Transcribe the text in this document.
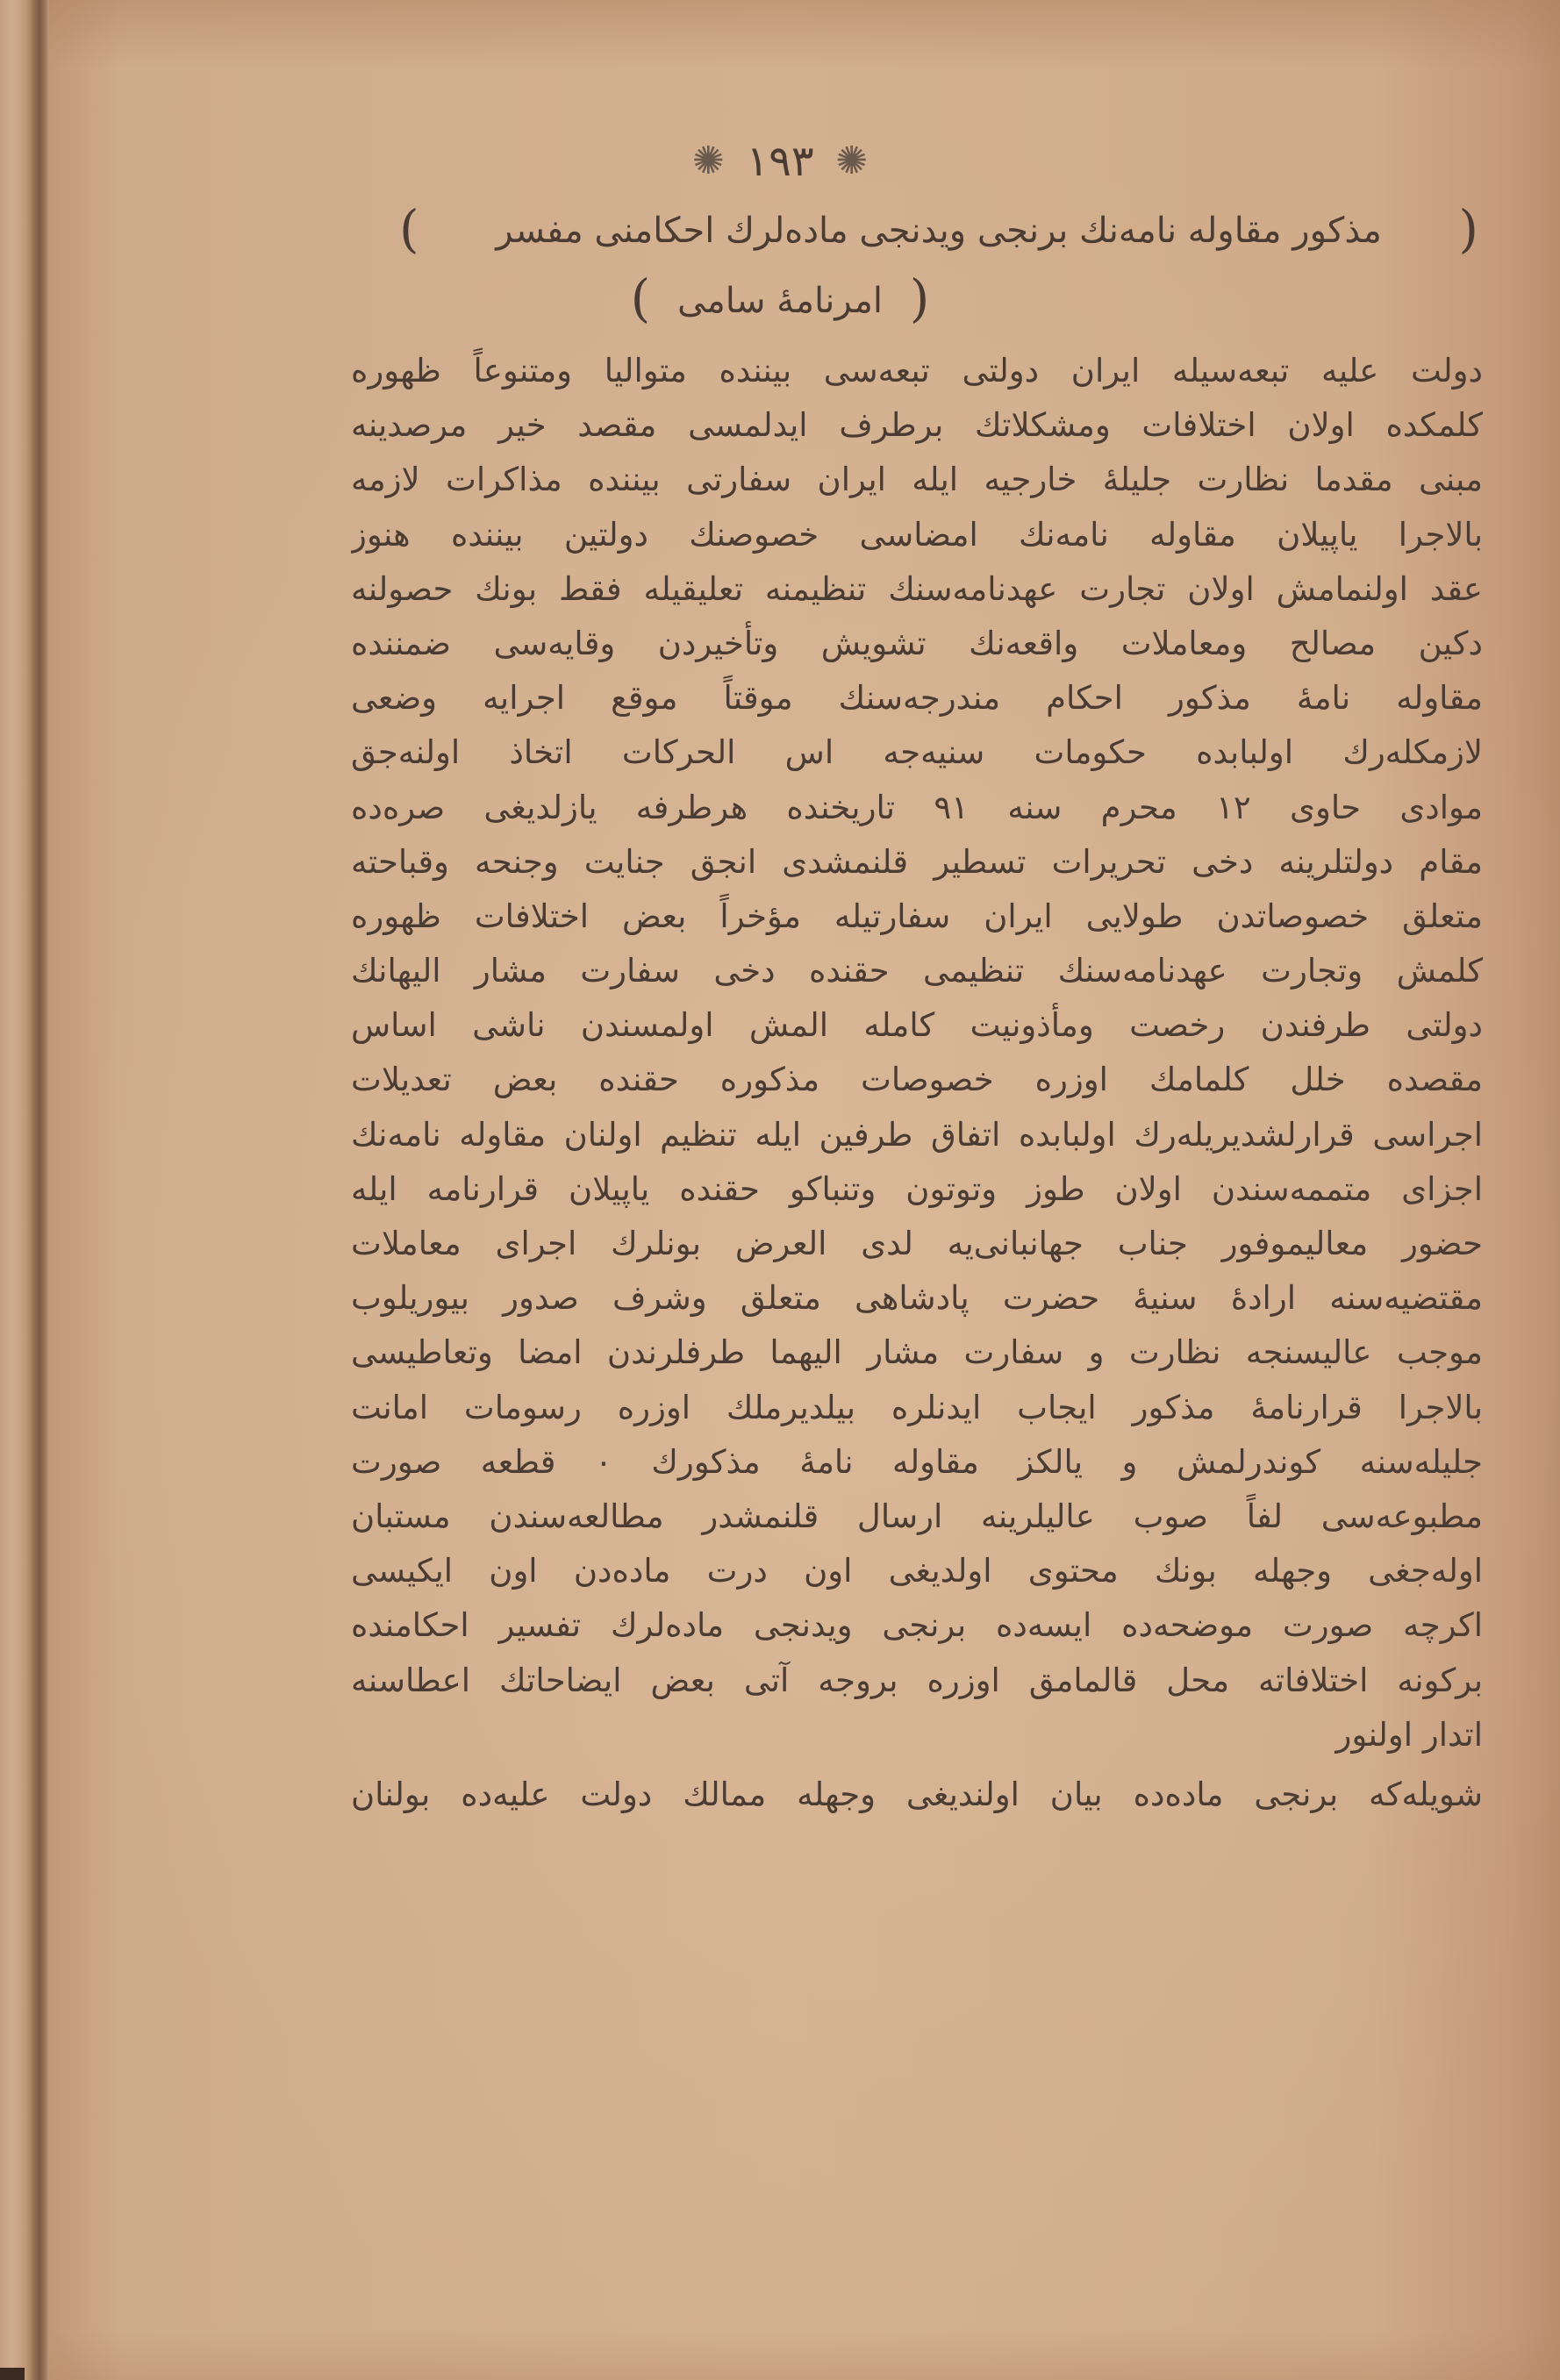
✺ ١٩٣ ✺
(
مذكور مقاوله نامه‌نك برنجى ويدنجى ماده‌لرك احكامنى مفسر
)
( امرنامهٔ سامى )
دولت عليه تبعه‌سيله ايران دولتى تبعه‌سى بيننده متواليا ومتنوعاً ظهوره
كلمكده اولان اختلافات ومشكلاتك برطرف ايدلمسى مقصد خير مرصدينه
مبنى مقدما نظارت جليلهٔ خارجيه ايله ايران سفارتى بيننده مذاكرات لازمه
بالاجرا ياپيلان مقاوله نامه‌نك امضاسى خصوصنك دولتين بيننده هنوز
عقد اولنمامش اولان تجارت عهدنامه‌سنك تنظيمنه تعليقيله فقط بونك حصولنه
دكين مصالح ومعاملات واقعه‌نك تشويش وتأخيردن وقايه‌سى ضمننده
مقاوله نامهٔ مذكور احكام مندرجه‌سنك موقتاً موقع اجرايه وضعى
لازمكله‌رك اولبابده حكومات سنيه‌جه اس الحركات اتخاذ اولنه‌جق
موادى حاوى ١٢ محرم سنه ٩١ تاريخنده هرطرفه يازلديغى صره‌ده
مقام دولتلرينه دخى تحريرات تسطير قلنمشدى انجق جنايت وجنحه وقباحته
متعلق خصوصاتدن طولايى ايران سفارتيله مؤخراً بعض اختلافات ظهوره
كلمش وتجارت عهدنامه‌سنك تنظيمى حقنده دخى سفارت مشار اليهانك
دولتى طرفندن رخصت ومأذونيت كامله المش اولمسندن ناشى اساس
مقصده خلل كلمامك اوزره خصوصات مذكوره حقنده بعض تعديلات
اجراسى قرارلشديريله‌رك اولبابده اتفاق طرفين ايله تنظيم اولنان مقاوله نامه‌نك
اجزاى متممه‌سندن اولان طوز وتوتون وتنباكو حقنده ياپيلان قرارنامه ايله
حضور معاليموفور جناب جهانبانى‌يه لدى العرض بونلرك اجراى معاملات
مقتضيه‌سنه ارادهٔ سنيهٔ حضرت پادشاهى متعلق وشرف صدور بيوريلوب
موجب عاليسنجه نظارت و سفارت مشار اليهما طرفلرندن امضا وتعاطيسى
بالاجرا قرارنامهٔ مذكور ايجاب ايدنلره بيلديرملك اوزره رسومات امانت
جليله‌سنه كوندرلمش و يالكز مقاوله نامهٔ مذكورك ٠ قطعه صورت
مطبوعه‌سى لفاً صوب عاليلرينه ارسال قلنمشدر مطالعه‌سندن مستبان
اوله‌جغى وجهله بونك محتوى اولديغى اون درت ماده‌دن اون ايكيسى
اكرچه صورت موضحه‌ده ايسه‌ده برنجى ويدنجى ماده‌لرك تفسير احكامنده
بركونه اختلافاته محل قالمامق اوزره بروجه آتى بعض ايضاحاتك اعطاسنه
اتدار اولنور
شويله‌كه برنجى ماده‌ده بيان اولنديغى وجهله ممالك دولت عليه‌ده بولنان
